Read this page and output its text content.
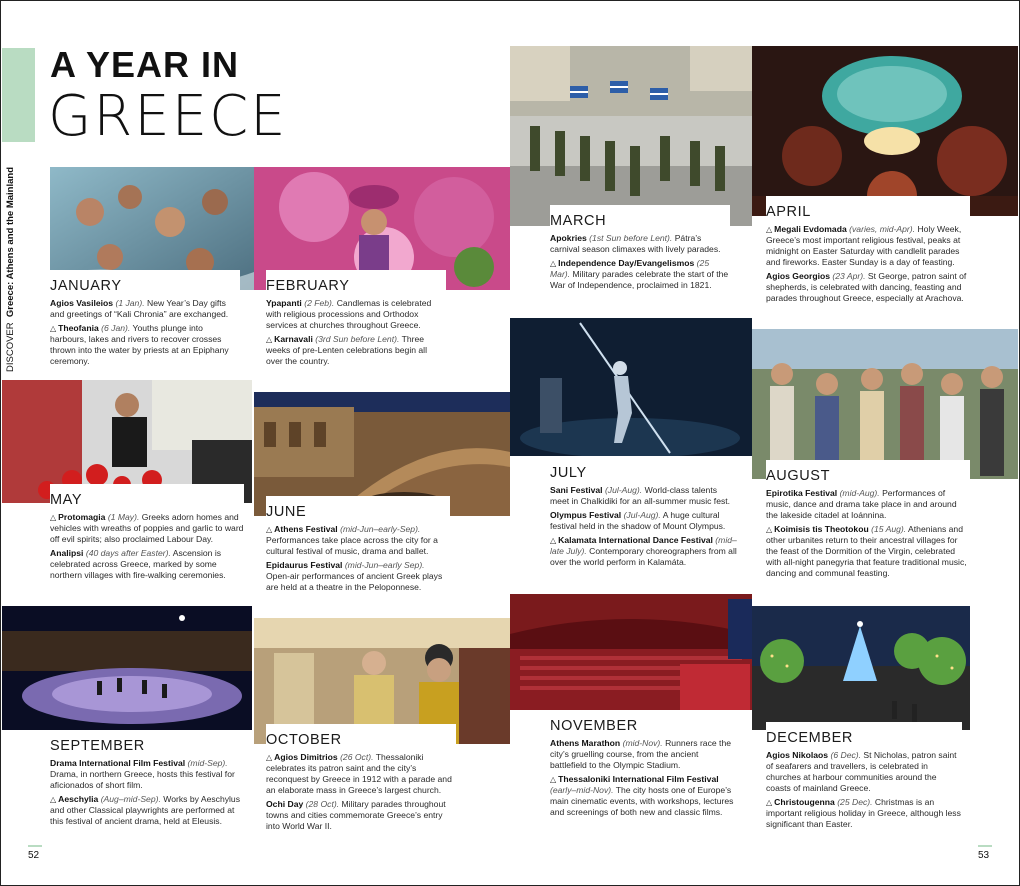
A YEAR IN
GREECE
DISCOVER  Greece: Athens and the Mainland JANUARY

Agios Vasileios (1 Jan). New Year’s Day gifts and greetings of “Kali Chronia” are exchanged.

△ Theofania (6 Jan). Youths plunge into harbours, lakes and rivers to recover crosses thrown into the water by priests at an Epiphany ceremony.

FEBRUARY

Ypapanti (2 Feb). Candlemas is celebrated with religious processions and Orthodox services at churches throughout Greece.

△ Karnavali (3rd Sun before Lent). Three weeks of pre-Lenten celebrations begin all over the country.

MARCH

Apokries (1st Sun before Lent). Pátra’s carnival season climaxes with lively parades.

△ Independence Day/Evangelismos (25 Mar). Military parades celebrate the start of the War of Independence, proclaimed in 1821.

APRIL

△ Megali Evdomada (varies, mid-Apr). Holy Week, Greece’s most important religious festival, peaks at midnight on Easter Saturday with candlelit parades and fireworks. Easter Sunday is a day of feasting.

Agios Georgios (23 Apr). St George, patron saint of shepherds, is celebrated with dancing, feasting and parades throughout Greece, especially at Arachova.

MAY

△ Protomagia (1 May). Greeks adorn homes and vehicles with wreaths of poppies and garlic to ward off evil spirits; also proclaimed Labour Day.

Analipsi (40 days after Easter). Ascension is celebrated across Greece, marked by some northern villages with fire-walking ceremonies.

JUNE

△ Athens Festival (mid-Jun–early-Sep). Performances take place across the city for a cultural festival of music, drama and ballet.

Epidaurus Festival (mid-Jun–early Sep). Open-air performances of ancient Greek plays are held at a theatre in the Peloponnese.

JULY

Sani Festival (Jul-Aug). World-class talents meet in Chalkidiki for an all-summer music fest.

Olympus Festival (Jul-Aug). A huge cultural festival held in the shadow of Mount Olympus.

△ Kalamata International Dance Festival (mid–late July). Contemporary choreographers from all over the world perform in Kalamáta.

AUGUST

Epirotika Festival (mid-Aug). Performances of music, dance and drama take place in and around the lakeside citadel at Ioánnina.

△ Koimisis tis Theotokou (15 Aug). Athenians and other urbanites return to their ancestral villages for the feast of the Dormition of the Virgin, celebrated with all-night panegyria that feature traditional music, dancing and communal feasting.

SEPTEMBER

Drama International Film Festival (mid-Sep). Drama, in northern Greece, hosts this festival for aficionados of short film.

△ Aeschylia (Aug–mid-Sep). Works by Aeschylus and other Classical playwrights are performed at this festival of ancient drama, held at Eleusis.

OCTOBER

△ Agios Dimitrios (26 Oct). Thessaloniki celebrates its patron saint and the city’s reconquest by Greece in 1912 with a parade and an elaborate mass in Greece’s largest church.

Ochi Day (28 Oct). Military parades throughout towns and cities commemorate Greece’s entry into World War II.

NOVEMBER

Athens Marathon (mid-Nov). Runners race the city’s gruelling course, from the ancient battlefield to the Olympic Stadium.

△ Thessaloniki International Film Festival (early–mid-Nov). The city hosts one of Europe’s main cinematic events, with workshops, lectures and screenings of both new and classic films.

DECEMBER

Agios Nikolaos (6 Dec). St Nicholas, patron saint of seafarers and travellers, is celebrated in churches at harbour communities around the coasts of mainland Greece.

△ Christougenna (25 Dec). Christmas is an important religious holiday in Greece, although less significant than Easter.

52	53
